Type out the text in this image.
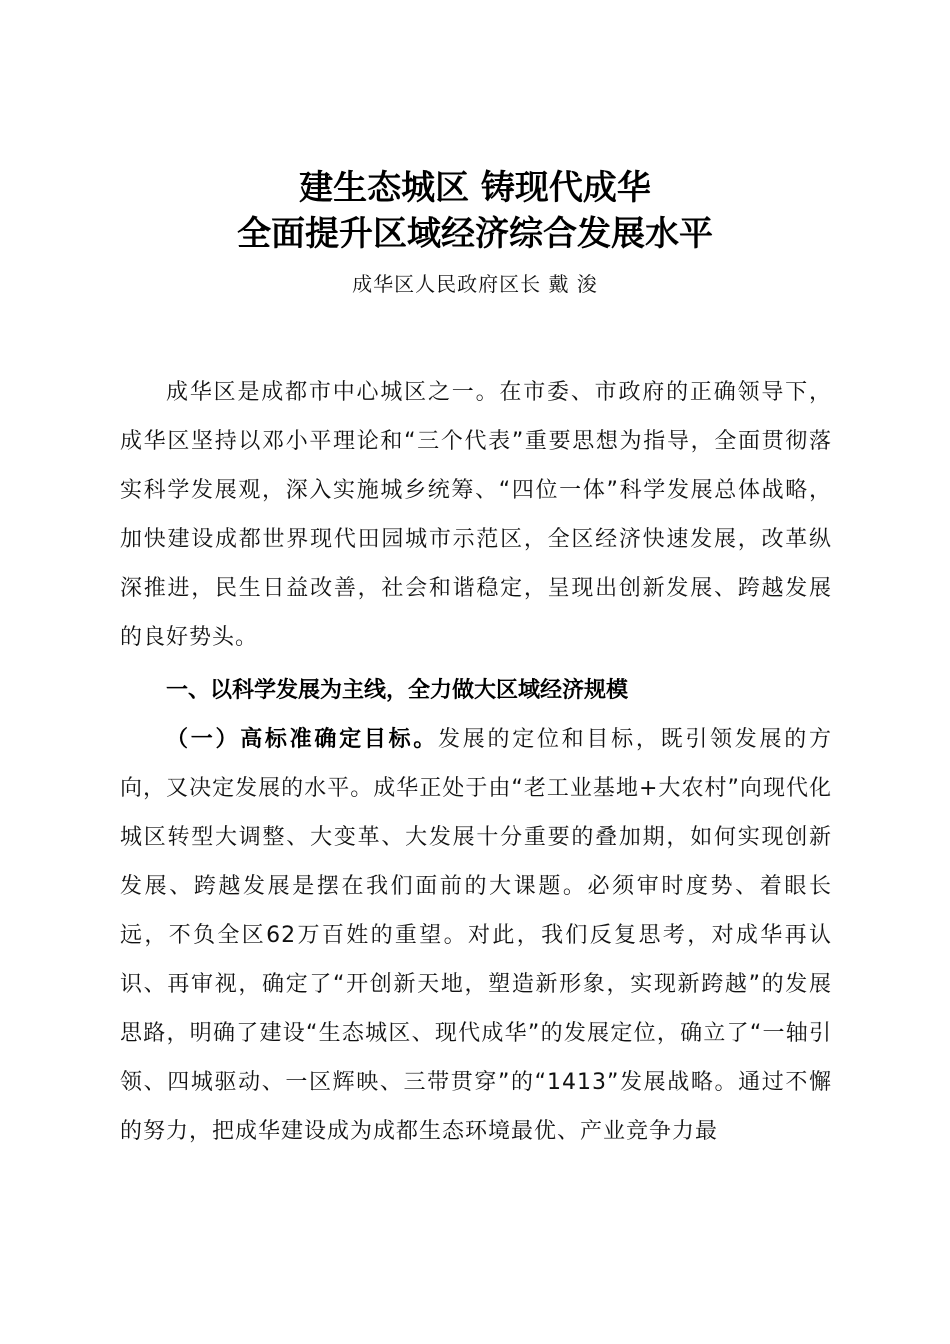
建生态城区 铸现代成华
全面提升区域经济综合发展水平
成华区人民政府区长 戴 浚

成华区是成都市中心城区之一。在市委、市政府的正确领导下，成华区坚持以邓小平理论和“三个代表”重要思想为指导，全面贯彻落实科学发展观，深入实施城乡统筹、“四位一体”科学发展总体战略，加快建设成都世界现代田园城市示范区，全区经济快速发展，改革纵深推进，民生日益改善，社会和谐稳定，呈现出创新发展、跨越发展的良好势头。

一、以科学发展为主线，全力做大区域经济规模

（一）高标准确定目标。发展的定位和目标，既引领发展的方向，又决定发展的水平。成华正处于由“老工业基地+大农村”向现代化城区转型大调整、大变革、大发展十分重要的叠加期，如何实现创新发展、跨越发展是摆在我们面前的大课题。必须审时度势、着眼长远，不负全区62万百姓的重望。对此，我们反复思考，对成华再认识、再审视，确定了“开创新天地，塑造新形象，实现新跨越”的发展思路，明确了建设“生态城区、现代成华”的发展定位，确立了“一轴引领、四城驱动、一区辉映、三带贯穿”的“1413”发展战略。通过不懈的努力，把成华建设成为成都生态环境最优、产业竞争力最
